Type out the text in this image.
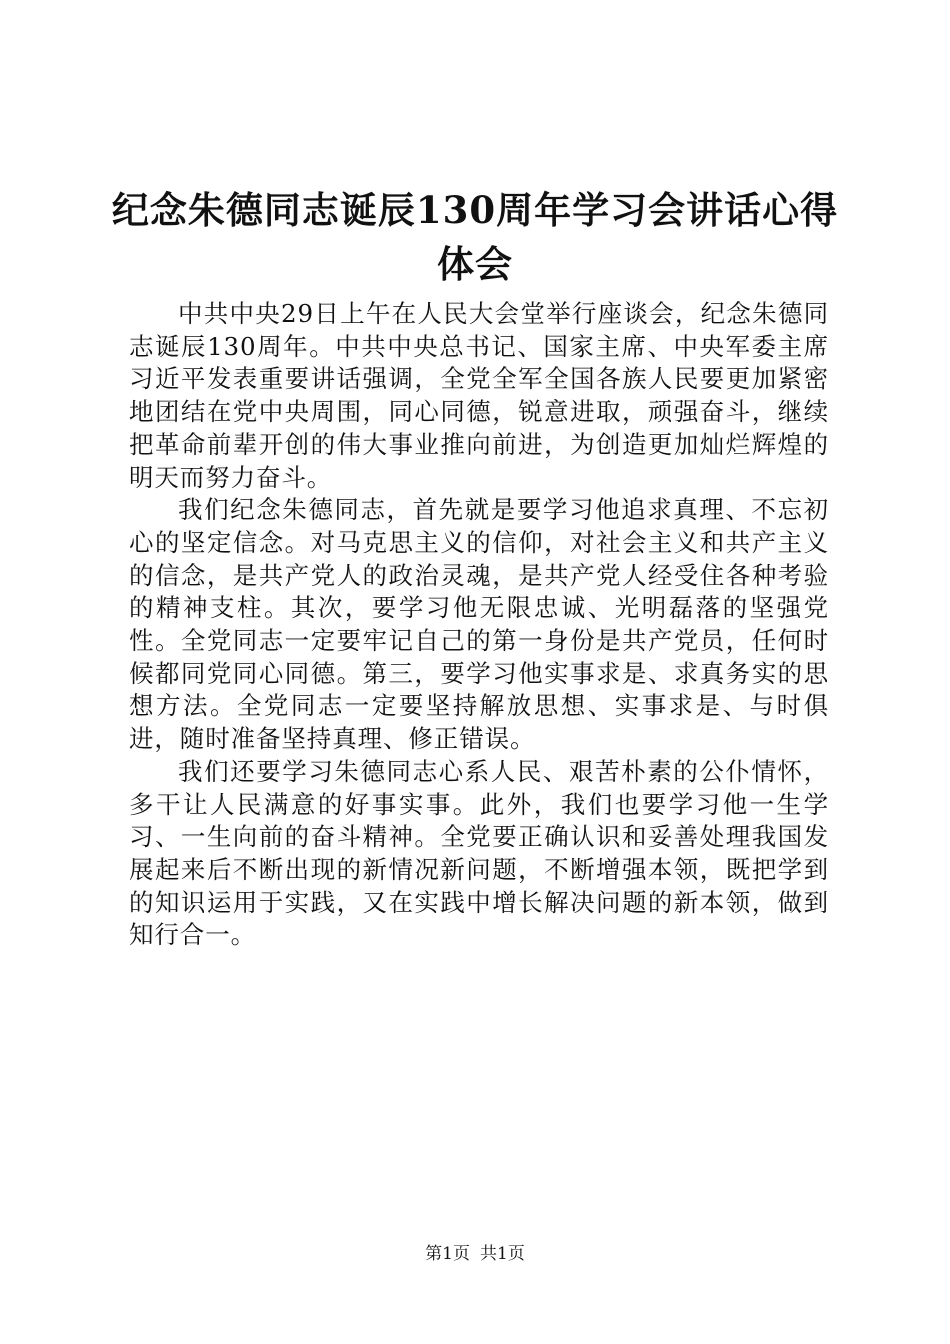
纪念朱德同志诞辰130周年学习会讲话心得体会

中共中央29日上午在人民大会堂举行座谈会，纪念朱德同志诞辰130周年。中共中央总书记、国家主席、中央军委主席习近平发表重要讲话强调，全党全军全国各族人民要更加紧密地团结在党中央周围，同心同德，锐意进取，顽强奋斗，继续把革命前辈开创的伟大事业推向前进，为创造更加灿烂辉煌的明天而努力奋斗。

我们纪念朱德同志，首先就是要学习他追求真理、不忘初心的坚定信念。对马克思主义的信仰，对社会主义和共产主义的信念，是共产党人的政治灵魂，是共产党人经受住各种考验的精神支柱。其次，要学习他无限忠诚、光明磊落的坚强党性。全党同志一定要牢记自己的第一身份是共产党员，任何时候都同党同心同德。第三，要学习他实事求是、求真务实的思想方法。全党同志一定要坚持解放思想、实事求是、与时俱进，随时准备坚持真理、修正错误。

我们还要学习朱德同志心系人民、艰苦朴素的公仆情怀，多干让人民满意的好事实事。此外，我们也要学习他一生学习、一生向前的奋斗精神。全党要正确认识和妥善处理我国发展起来后不断出现的新情况新问题，不断增强本领，既把学到的知识运用于实践，又在实践中增长解决问题的新本领，做到知行合一。

第1页 共1页
